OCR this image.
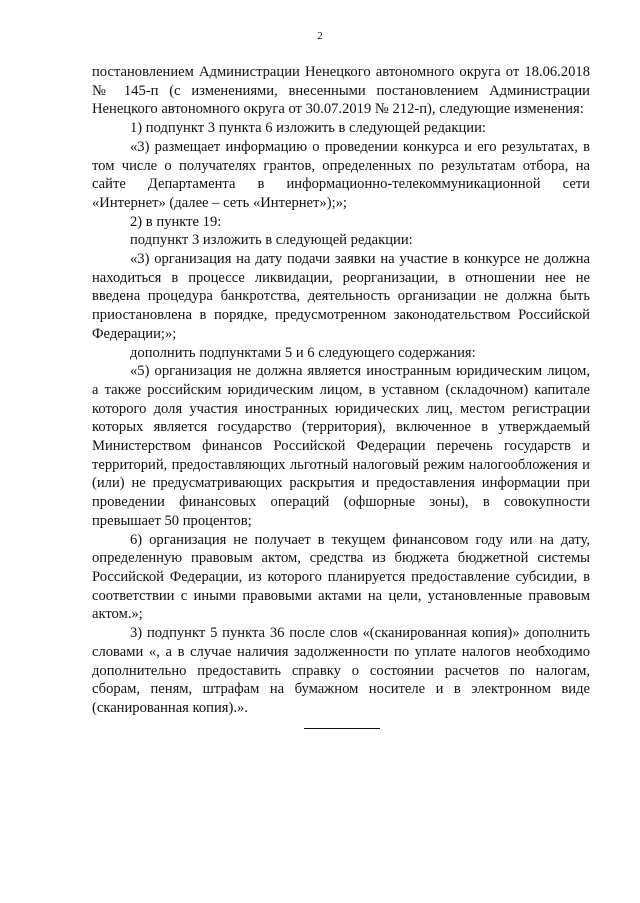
2

постановлением Администрации Ненецкого автономного округа от 18.06.2018 № 145-п (с изменениями, внесенными постановлением Администрации Ненецкого автономного округа от 30.07.2019 № 212-п), следующие изменения:

1) подпункт 3 пункта 6 изложить в следующей редакции:

«3) размещает информацию о проведении конкурса и его результатах, в том числе о получателях грантов, определенных по результатам отбора, на сайте Департамента в информационно-телекоммуникационной сети «Интернет» (далее – сеть «Интернет»);»;

2) в пункте 19:

подпункт 3 изложить в следующей редакции:

«3) организация на дату подачи заявки на участие в конкурсе не должна находиться в процессе ликвидации, реорганизации, в отношении нее не введена процедура банкротства, деятельность организации не должна быть приостановлена в порядке, предусмотренном законодательством Российской Федерации;»;

дополнить подпунктами 5 и 6 следующего содержания:

«5) организация не должна является иностранным юридическим лицом, а также российским юридическим лицом, в уставном (складочном) капитале которого доля участия иностранных юридических лиц, местом регистрации которых является государство (территория), включенное в утверждаемый Министерством финансов Российской Федерации перечень государств и территорий, предоставляющих льготный налоговый режим налогообложения и (или) не предусматривающих раскрытия и предоставления информации при проведении финансовых операций (офшорные зоны), в совокупности превышает 50 процентов;

6) организация не получает в текущем финансовом году или на дату, определенную правовым актом, средства из бюджета бюджетной системы Российской Федерации, из которого планируется предоставление субсидии, в соответствии с иными правовыми актами на цели, установленные правовым актом.»;

3) подпункт 5 пункта 36 после слов «(сканированная копия)» дополнить словами «, а в случае наличия задолженности по уплате налогов необходимо дополнительно предоставить справку о состоянии расчетов по налогам, сборам, пеням, штрафам на бумажном носителе и в электронном виде (сканированная копия).».
